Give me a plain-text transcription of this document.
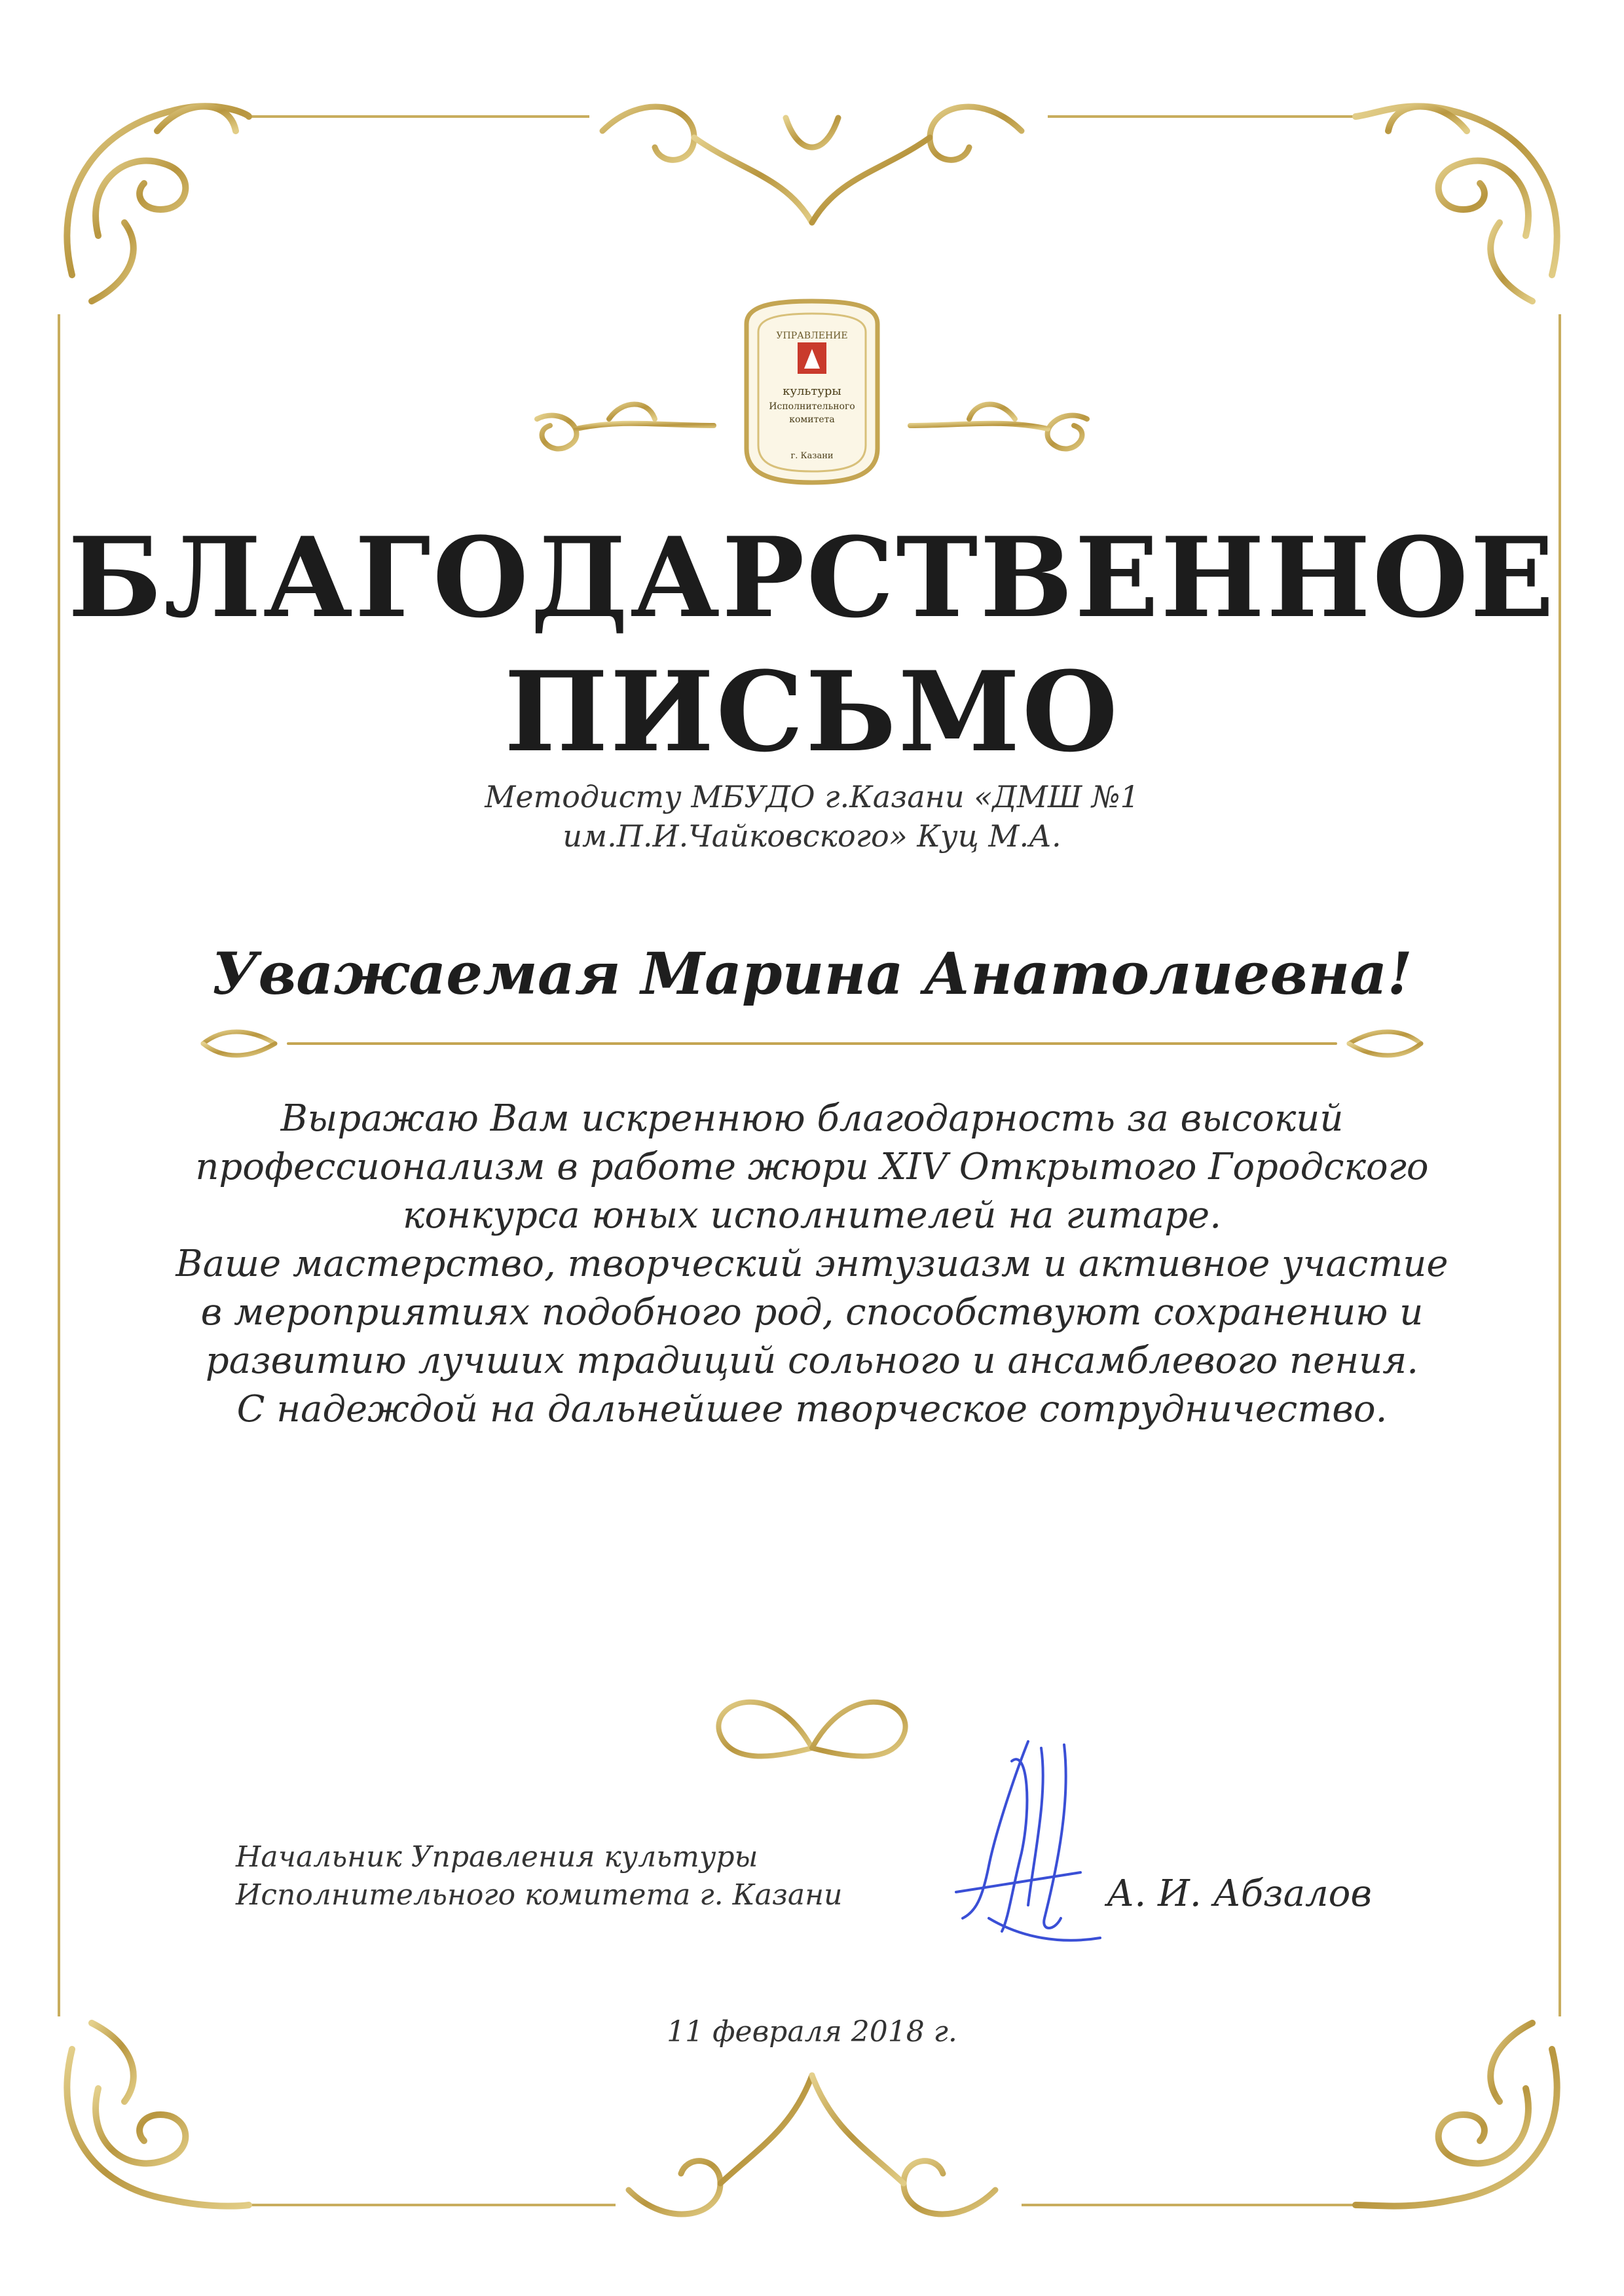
УПРАВЛЕНИЕ
культуры
Исполнительного
комитета
г. Казани
БЛАГОДАРСТВЕННОЕ
ПИСЬМО
Методисту МБУДО г.Казани «ДМШ №1
им.П.И.Чайковского» Куц М.А.
Уважаемая Марина Анатолиевна!
Выражаю Вам искреннюю благодарность за высокий
профессионализм в работе жюри XIV Открытого Городского
конкурса юных исполнителей на гитаре.
Ваше мастерство, творческий энтузиазм и активное участие
в мероприятиях подобного род, способствуют сохранению и
развитию лучших традиций сольного и ансамблевого пения.
С надеждой на дальнейшее творческое сотрудничество.
Начальник Управления культуры
Исполнительного комитета г. Казани	А. И. Абзалов
11 февраля 2018 г.
